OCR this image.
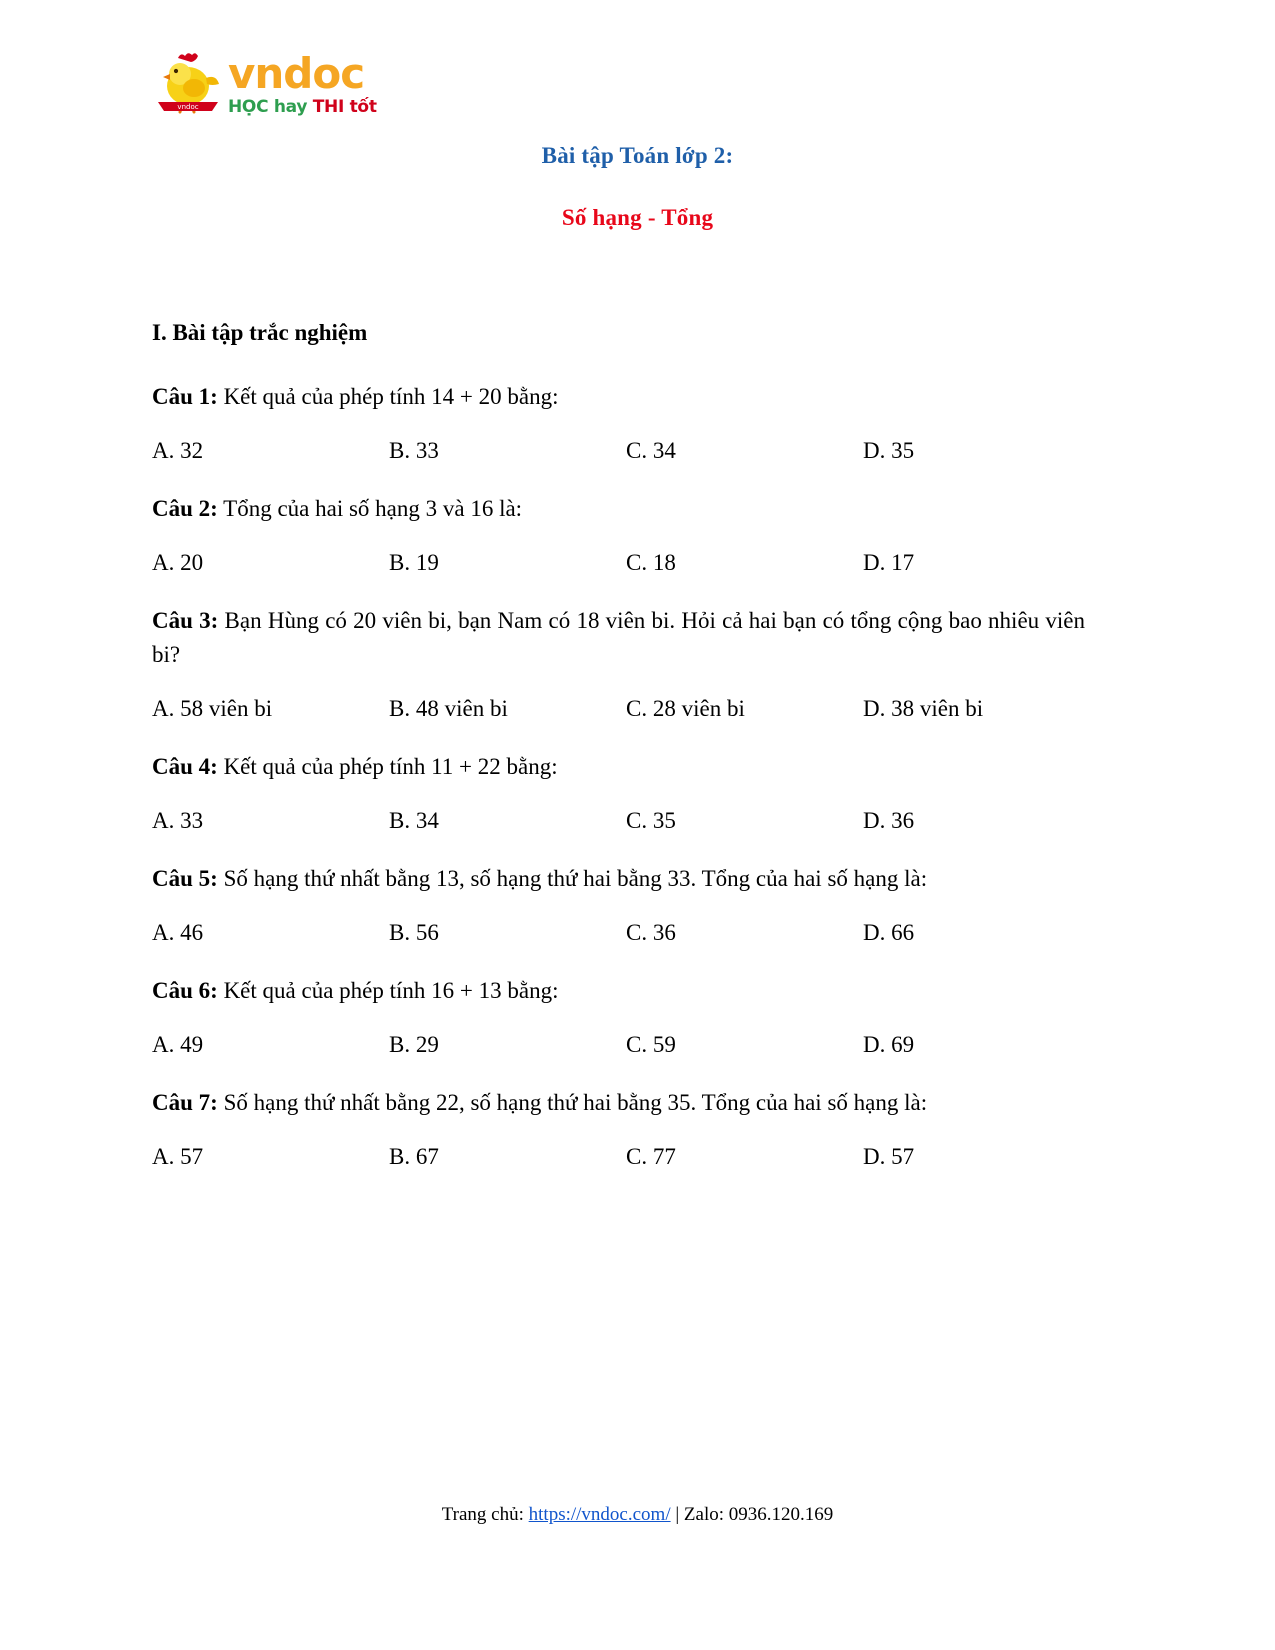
vndoc
vndoc
HỌC hay THI tốt
Bài tập Toán lớp 2:
Số hạng - Tổng
I. Bài tập trắc nghiệm

Câu 1: Kết quả của phép tính 14 + 20 bằng:

A. 32	B. 33	C. 34	D. 35

Câu 2: Tổng của hai số hạng 3 và 16 là:

A. 20	B. 19	C. 18	D. 17

Câu 3: Bạn Hùng có 20 viên bi, bạn Nam có 18 viên bi. Hỏi cả hai bạn có tổng cộng bao nhiêu viên bi?

A. 58 viên bi	B. 48 viên bi	C. 28 viên bi	D. 38 viên bi

Câu 4: Kết quả của phép tính 11 + 22 bằng:

A. 33	B. 34	C. 35	D. 36

Câu 5: Số hạng thứ nhất bằng 13, số hạng thứ hai bằng 33. Tổng của hai số hạng là:

A. 46	B. 56	C. 36	D. 66

Câu 6: Kết quả của phép tính 16 + 13 bằng:

A. 49	B. 29	C. 59	D. 69

Câu 7: Số hạng thứ nhất bằng 22, số hạng thứ hai bằng 35. Tổng của hai số hạng là:

A. 57	B. 67	C. 77	D. 57
Trang chủ: https://vndoc.com/ | Zalo: 0936.120.169
